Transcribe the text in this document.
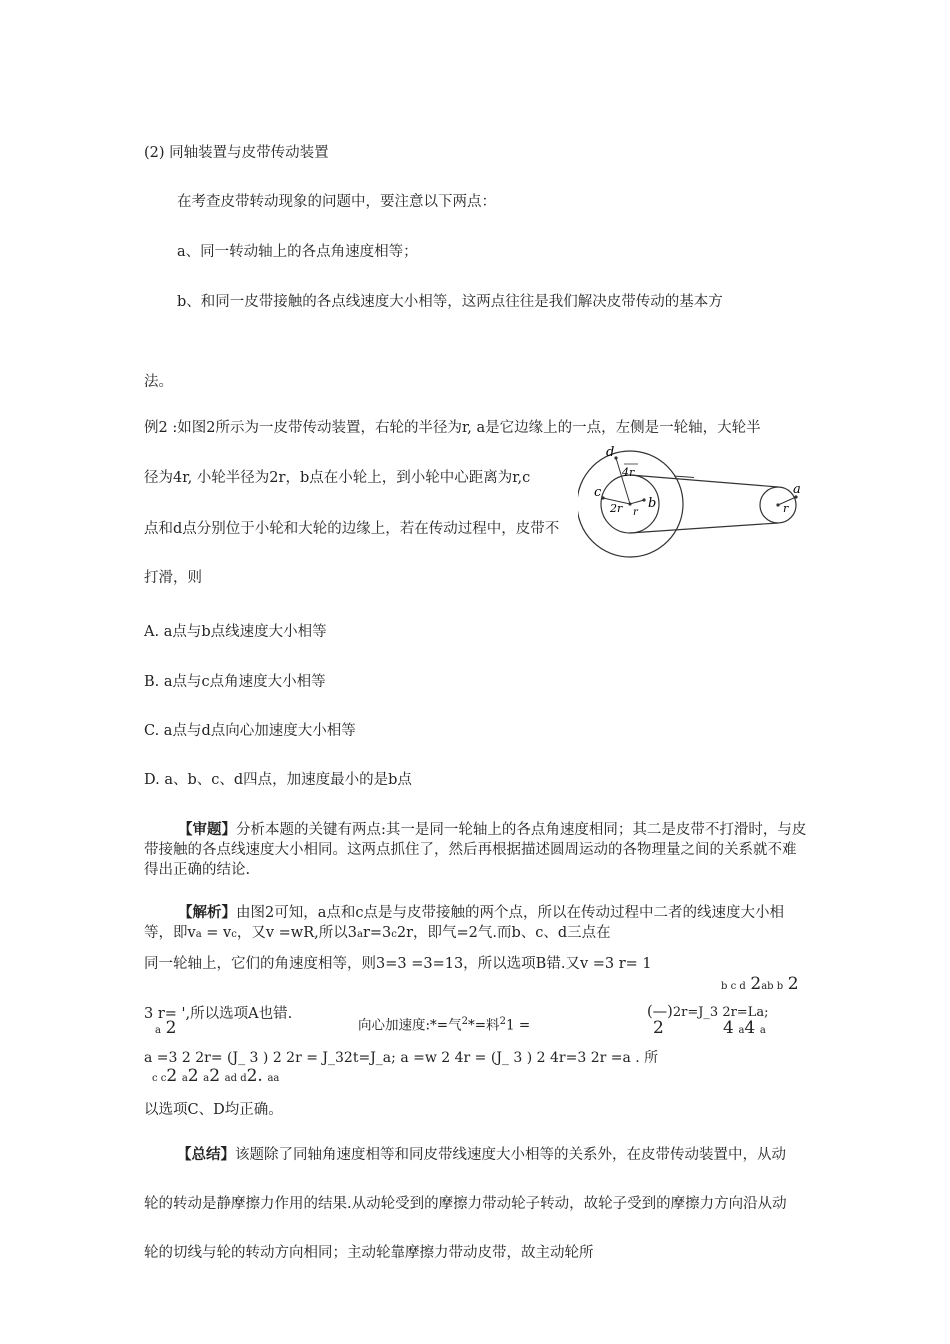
(2) 同轴装置与皮带传动装置
在考查皮带转动现象的问题中，要注意以下两点：
a、同一转动轴上的各点角速度相等；
b、和同一皮带接触的各点线速度大小相等，这两点往往是我们解决皮带传动的基本方
法。
例2 :如图2所示为一皮带传动装置，右轮的半径为r, a是它边缘上的一点，左侧是一轮轴，大轮半
径为4r, 小轮半径为2r，b点在小轮上，到小轮中心距离为r,c
点和d点分别位于小轮和大轮的边缘上，若在传动过程中，皮带不
打滑，则
d
4r
c
2r r
b
a
r
A. a点与b点线速度大小相等
B. a点与c点角速度大小相等
C. a点与d点向心加速度大小相等
D. a、b、c、d四点，加速度最小的是b点
【审题】分析本题的关键有两点:其一是同一轮轴上的各点角速度相同；其二是皮带不打滑时，与皮带接触的各点线速度大小相同。这两点抓住了，然后再根据描述圆周运动的各物理量之间的关系就不难得出正确的结论.
【解析】由图2可知，a点和c点是与皮带接触的两个点，所以在传动过程中二者的线速度大小相等，即va = vc，又v =wR,所以3ar=3c2r，即气=2气.而b、c、d三点在
同一轮轴上，它们的角速度相等，则3=3 =3=13，所以选项B错.又v =3 r= 1
b c d 2ab b 2
3 r= ',所以选项A也错.
a 2	向心加速度:*=气$^2$*=料$^2$1 =
(—)2r=J_3 2r=La;
2	4 a4 a
a =3 2 2r= (J_ 3 ) 2 2r = J_32t=J_a; a =w 2 4r = (J_ 3 ) 2 4r=3 2r =a . 所
c c2 a2 a2 ad d2. aa
以选项C、D均正确。
【总结】该题除了同轴角速度相等和同皮带线速度大小相等的关系外，在皮带传动装置中，从动
轮的转动是静摩擦力作用的结果.从动轮受到的摩擦力带动轮子转动，故轮子受到的摩擦力方向沿从动
轮的切线与轮的转动方向相同；主动轮靠摩擦力带动皮带，故主动轮所
